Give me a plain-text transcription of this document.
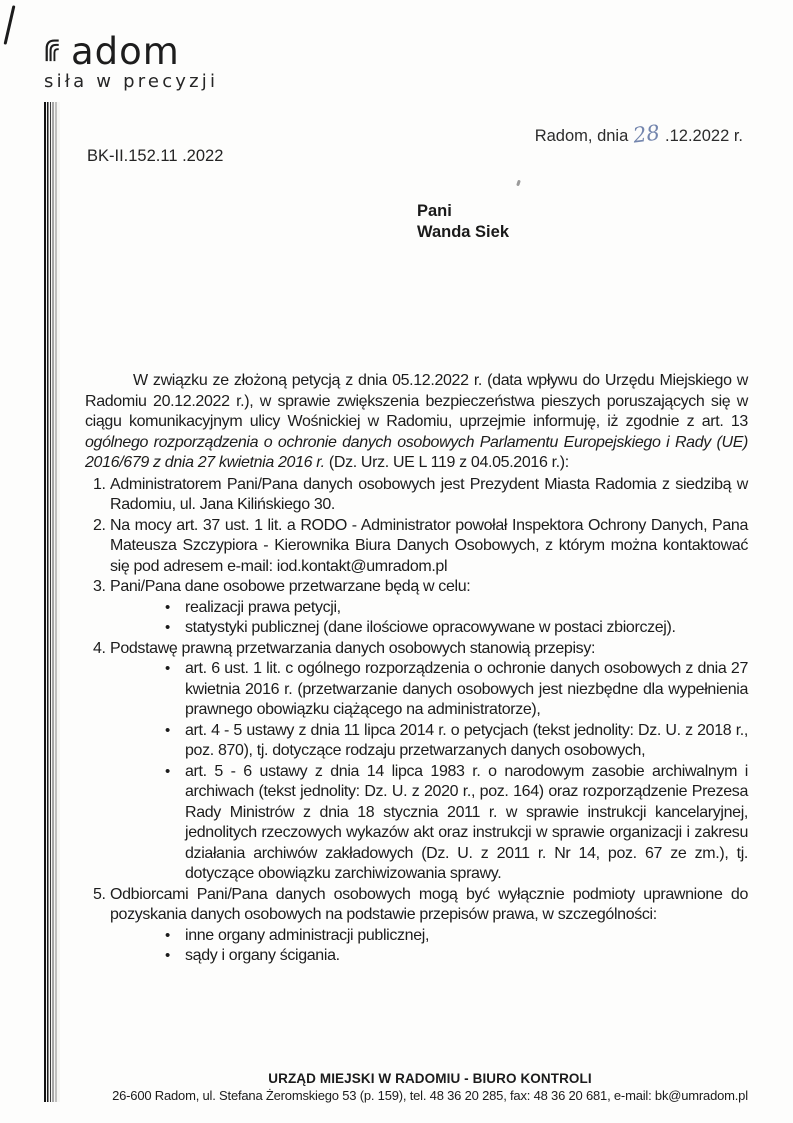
adom
siła w precyzji
BK-II.152.11 .2022
Radom, dnia 28 .12.2022 r.
Pani
Wanda Siek

W związku ze złożoną petycją z dnia 05.12.2022 r. (data wpływu do Urzędu Miejskiego w Radomiu 20.12.2022 r.), w sprawie zwiększenia bezpieczeństwa pieszych poruszających się w ciągu komunikacyjnym ulicy Wośnickiej w Radomiu, uprzejmie informuję, iż zgodnie z art. 13 ogólnego rozporządzenia o ochronie danych osobowych Parlamentu Europejskiego i Rady (UE) 2016/679 z dnia 27 kwietnia 2016 r. (Dz. Urz. UE L 119 z 04.05.2016 r.):

1. Administratorem Pani/Pana danych osobowych jest Prezydent Miasta Radomia z siedzibą w Radomiu, ul. Jana Kilińskiego 30.
2. Na mocy art. 37 ust. 1 lit. a RODO - Administrator powołał Inspektora Ochrony Danych, Pana Mateusza Szczypiora - Kierownika Biura Danych Osobowych, z którym można kontaktować się pod adresem e-mail: iod.kontakt@umradom.pl
3. Pani/Pana dane osobowe przetwarzane będą w celu:
• realizacji prawa petycji,
• statystyki publicznej (dane ilościowe opracowywane w postaci zbiorczej).
4. Podstawę prawną przetwarzania danych osobowych stanowią przepisy:
• art. 6 ust. 1 lit. c ogólnego rozporządzenia o ochronie danych osobowych z dnia 27 kwietnia 2016 r. (przetwarzanie danych osobowych jest niezbędne dla wypełnienia prawnego obowiązku ciążącego na administratorze),
• art. 4 - 5 ustawy z dnia 11 lipca 2014 r. o petycjach (tekst jednolity: Dz. U. z 2018 r., poz. 870), tj. dotyczące rodzaju przetwarzanych danych osobowych,
• art. 5 - 6 ustawy z dnia 14 lipca 1983 r. o narodowym zasobie archiwalnym i archiwach (tekst jednolity: Dz. U. z 2020 r., poz. 164) oraz rozporządzenie Prezesa Rady Ministrów z dnia 18 stycznia 2011 r. w sprawie instrukcji kancelaryjnej, jednolitych rzeczowych wykazów akt oraz instrukcji w sprawie organizacji i zakresu działania archiwów zakładowych (Dz. U. z 2011 r. Nr 14, poz. 67 ze zm.), tj. dotyczące obowiązku zarchiwizowania sprawy.
5. Odbiorcami Pani/Pana danych osobowych mogą być wyłącznie podmioty uprawnione do pozyskania danych osobowych na podstawie przepisów prawa, w szczególności:
• inne organy administracji publicznej,
• sądy i organy ścigania.
URZĄD MIEJSKI W RADOMIU - BIURO KONTROLI
26-600 Radom, ul. Stefana Żeromskiego 53 (p. 159), tel. 48 36 20 285, fax: 48 36 20 681, e-mail: bk@umradom.pl
